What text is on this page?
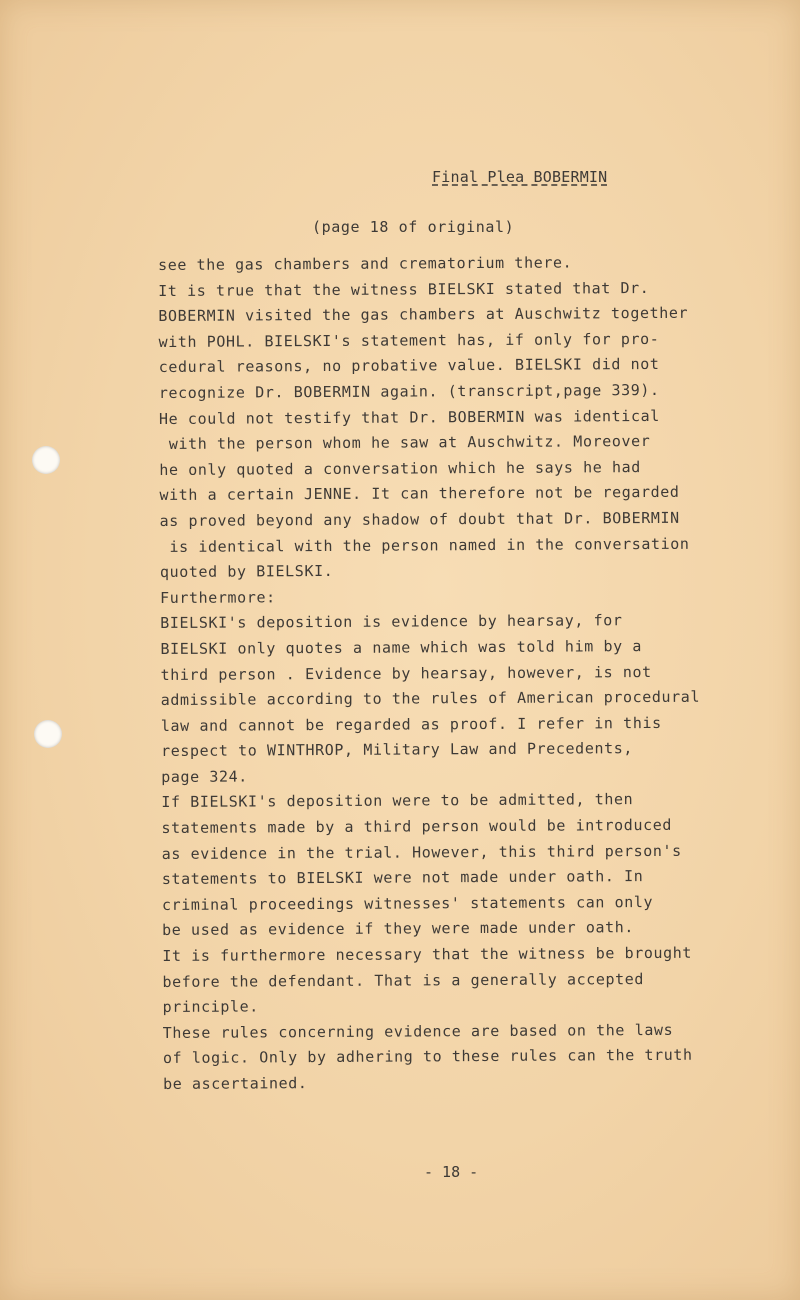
Final Plea BOBERMIN
(page 18 of original)
see the gas chambers and crematorium there.
It is true that the witness BIELSKI stated that Dr.
BOBERMIN visited the gas chambers at Auschwitz together
with POHL. BIELSKI's statement has, if only for pro-
cedural reasons, no probative value. BIELSKI did not
recognize Dr. BOBERMIN again. (transcript,page 339).
He could not testify that Dr. BOBERMIN was identical
with the person whom he saw at Auschwitz. Moreover
he only quoted a conversation which he says he had
with a certain JENNE. It can therefore not be regarded
as proved beyond any shadow of doubt that Dr. BOBERMIN
is identical with the person named in the conversation
quoted by BIELSKI.
Furthermore:
BIELSKI's deposition is evidence by hearsay, for
BIELSKI only quotes a name which was told him by a
third person . Evidence by hearsay, however, is not
admissible according to the rules of American procedural
law and cannot be regarded as proof. I refer in this
respect to WINTHROP, Military Law and Precedents,
page 324.
If BIELSKI's deposition were to be admitted, then
statements made by a third person would be introduced
as evidence in the trial. However, this third person's
statements to BIELSKI were not made under oath. In
criminal proceedings witnesses' statements can only
be used as evidence if they were made under oath.
It is furthermore necessary that the witness be brought
before the defendant. That is a generally accepted
principle.
These rules concerning evidence are based on the laws
of logic. Only by adhering to these rules can the truth
be ascertained.
- 18 -
